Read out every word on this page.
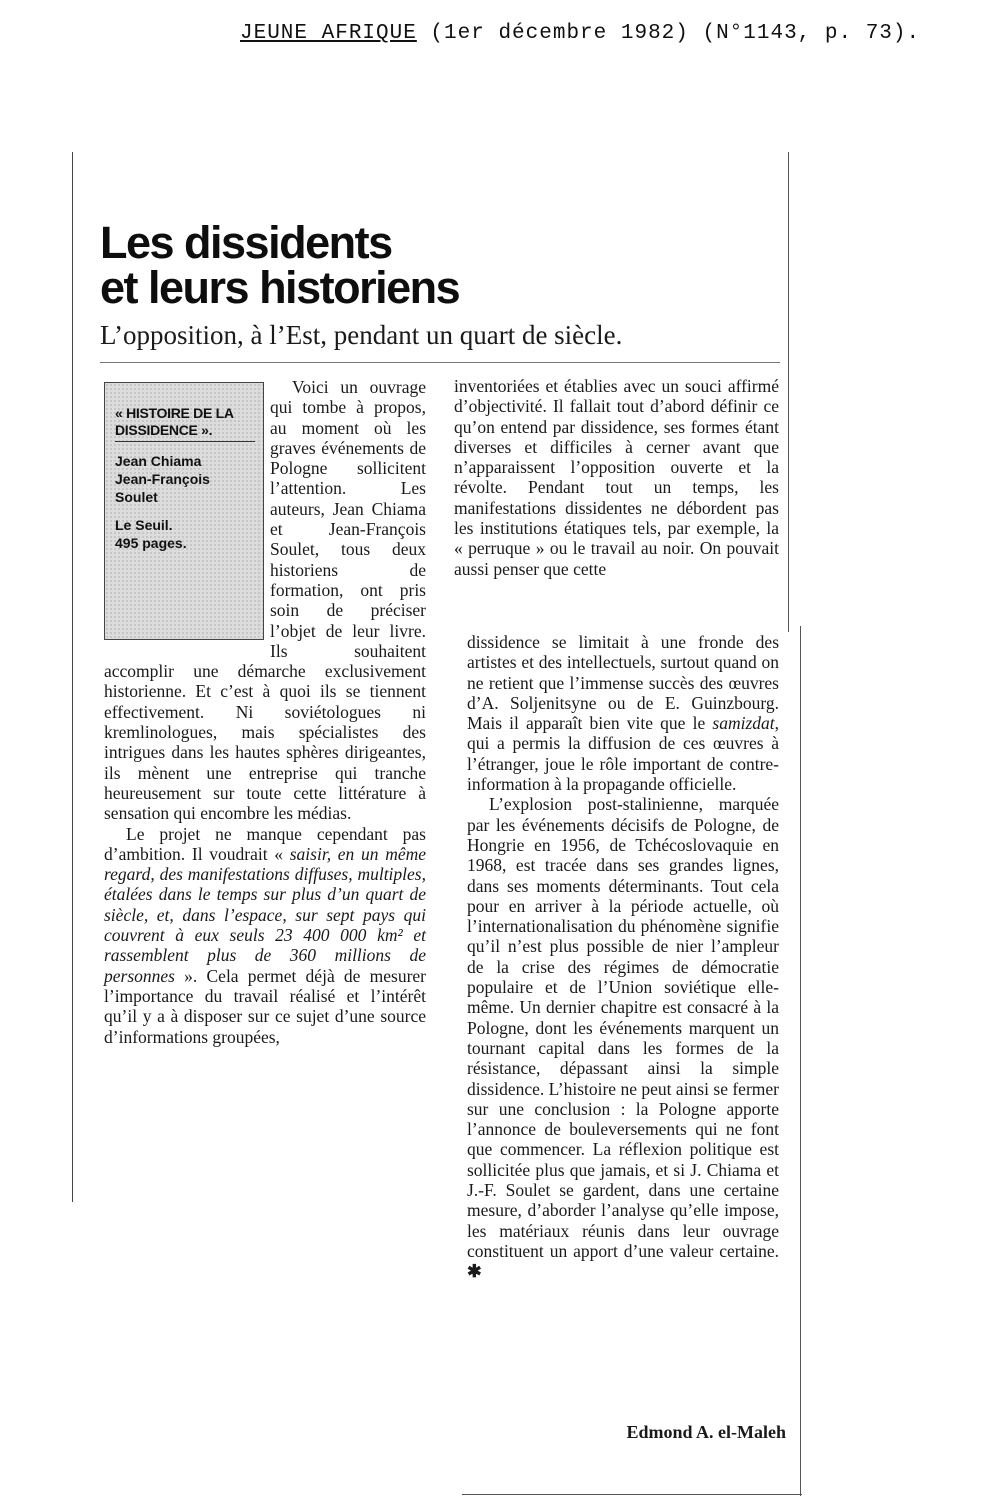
JEUNE AFRIQUE (1er décembre 1982) (N°1143, p. 73).
Les dissidents
et leurs historiens
L’opposition, à l’Est, pendant un quart de siècle.
« HISTOIRE DE LA DISSIDENCE ».
Jean Chiama
Jean-François Soulet
Le Seuil.
495 pages.

Voici un ouvrage qui tombe à propos, au moment où les graves événements de Pologne sollicitent l’attention. Les auteurs, Jean Chiama et Jean-François Soulet, tous deux historiens de formation, ont pris soin de préciser l’objet de leur livre. Ils souhaitent accomplir une démarche exclusivement historienne. Et c’est à quoi ils se tiennent effectivement. Ni soviétologues ni kremlinologues, mais spécialistes des intrigues dans les hautes sphères dirigeantes, ils mènent une entreprise qui tranche heureusement sur toute cette littérature à sensation qui encombre les médias.

Le projet ne manque cependant pas d’ambition. Il voudrait « saisir, en un même regard, des manifestations diffuses, multiples, étalées dans le temps sur plus d’un quart de siècle, et, dans l’espace, sur sept pays qui couvrent à eux seuls 23 400 000 km² et rassemblent plus de 360 millions de personnes ». Cela permet déjà de mesurer l’importance du travail réalisé et l’intérêt qu’il y a à disposer sur ce sujet d’une source d’informations groupées,

inventoriées et établies avec un souci affirmé d’objectivité. Il fallait tout d’abord définir ce qu’on entend par dissidence, ses formes étant diverses et difficiles à cerner avant que n’apparaissent l’opposition ouverte et la révolte. Pendant tout un temps, les manifestations dissidentes ne débordent pas les institutions étatiques tels, par exemple, la « perruque » ou le travail au noir. On pouvait aussi penser que cette

dissidence se limitait à une fronde des artistes et des intellectuels, surtout quand on ne retient que l’immense succès des œuvres d’A. Soljenitsyne ou de E. Guinzbourg. Mais il apparaît bien vite que le samizdat, qui a permis la diffusion de ces œuvres à l’étranger, joue le rôle important de contre-information à la propagande officielle.

L’explosion post-stalinienne, marquée par les événements décisifs de Pologne, de Hongrie en 1956, de Tchécoslovaquie en 1968, est tracée dans ses grandes lignes, dans ses moments déterminants. Tout cela pour en arriver à la période actuelle, où l’internationalisation du phénomène signifie qu’il n’est plus possible de nier l’ampleur de la crise des régimes de démocratie populaire et de l’Union soviétique elle-même. Un dernier chapitre est consacré à la Pologne, dont les événements marquent un tournant capital dans les formes de la résistance, dépassant ainsi la simple dissidence. L’histoire ne peut ainsi se fermer sur une conclusion : la Pologne apporte l’annonce de bouleversements qui ne font que commencer. La réflexion politique est sollicitée plus que jamais, et si J. Chiama et J.-F. Soulet se gardent, dans une certaine mesure, d’aborder l’analyse qu’elle impose, les matériaux réunis dans leur ouvrage constituent un apport d’une valeur certaine. ✱

Edmond A. el-Maleh
